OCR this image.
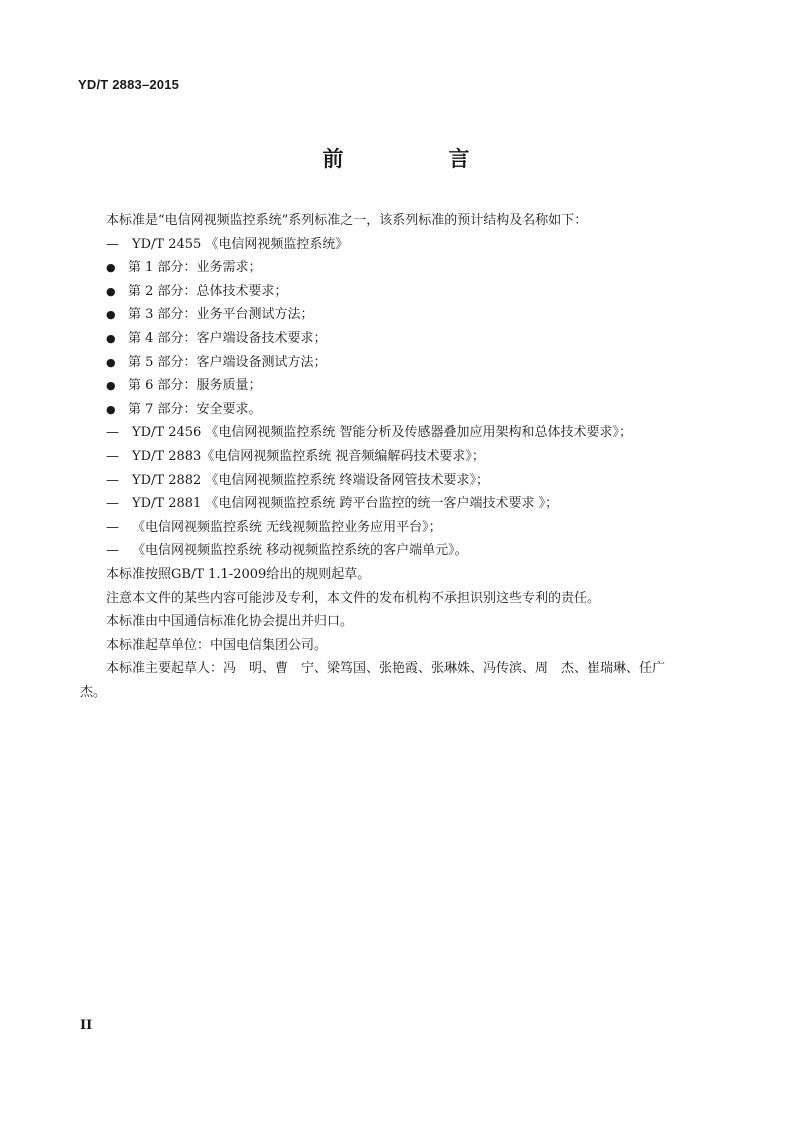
YD/T 2883–2015
前　言
本标准是“电信网视频监控系统”系列标准之一，该系列标准的预计结构及名称如下：
— YD/T 2455 《电信网视频监控系统》
● 第 1 部分：业务需求；
● 第 2 部分：总体技术要求；
● 第 3 部分：业务平台测试方法；
● 第 4 部分：客户端设备技术要求；
● 第 5 部分：客户端设备测试方法；
● 第 6 部分：服务质量；
● 第 7 部分：安全要求。
— YD/T 2456 《电信网视频监控系统 智能分析及传感器叠加应用架构和总体技术要求》；
— YD/T 2883《电信网视频监控系统 视音频编解码技术要求》；
— YD/T 2882 《电信网视频监控系统 终端设备网管技术要求》；
— YD/T 2881 《电信网视频监控系统 跨平台监控的统一客户端技术要求 》；
— 《电信网视频监控系统 无线视频监控业务应用平台》；
— 《电信网视频监控系统 移动视频监控系统的客户端单元》。
本标准按照GB/T 1.1-2009给出的规则起草。
注意本文件的某些内容可能涉及专利，本文件的发布机构不承担识别这些专利的责任。
本标准由中国通信标准化协会提出并归口。
本标准起草单位：中国电信集团公司。
本标准主要起草人：冯　明、曹　宁、梁笃国、张艳霞、张琳姝、冯传滨、周　杰、崔瑞琳、任广
杰。
II
